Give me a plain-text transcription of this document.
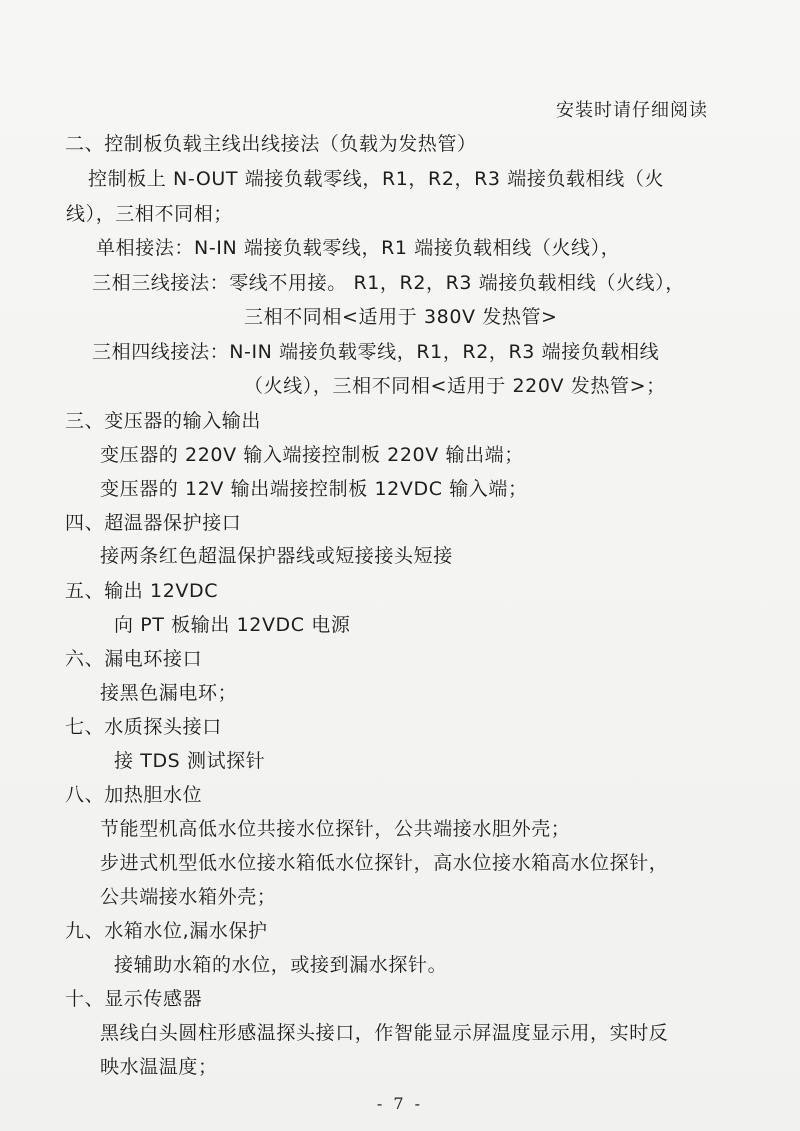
安装时请仔细阅读
二、控制板负载主线出线接法（负载为发热管）
控制板上 N-OUT 端接负载零线，R1，R2，R3 端接负载相线（火
线），三相不同相；
单相接法：N-IN 端接负载零线，R1 端接负载相线（火线），
三相三线接法：零线不用接。 R1，R2，R3 端接负载相线（火线），
三相不同相<适用于 380V 发热管>
三相四线接法：N-IN 端接负载零线，R1，R2，R3 端接负载相线
（火线），三相不同相<适用于 220V 发热管>；
三、变压器的输入输出
变压器的 220V 输入端接控制板 220V 输出端；
变压器的 12V 输出端接控制板 12VDC 输入端；
四、超温器保护接口
接两条红色超温保护器线或短接接头短接
五、输出 12VDC
向 PT 板输出 12VDC 电源
六、漏电环接口
接黑色漏电环；
七、水质探头接口
接 TDS 测试探针
八、加热胆水位
节能型机高低水位共接水位探针，公共端接水胆外壳；
步进式机型低水位接水箱低水位探针，高水位接水箱高水位探针，
公共端接水箱外壳；
九、水箱水位,漏水保护
接辅助水箱的水位，或接到漏水探针。
十、显示传感器
黑线白头圆柱形感温探头接口，作智能显示屏温度显示用，实时反
映水温温度；
- 7 -
